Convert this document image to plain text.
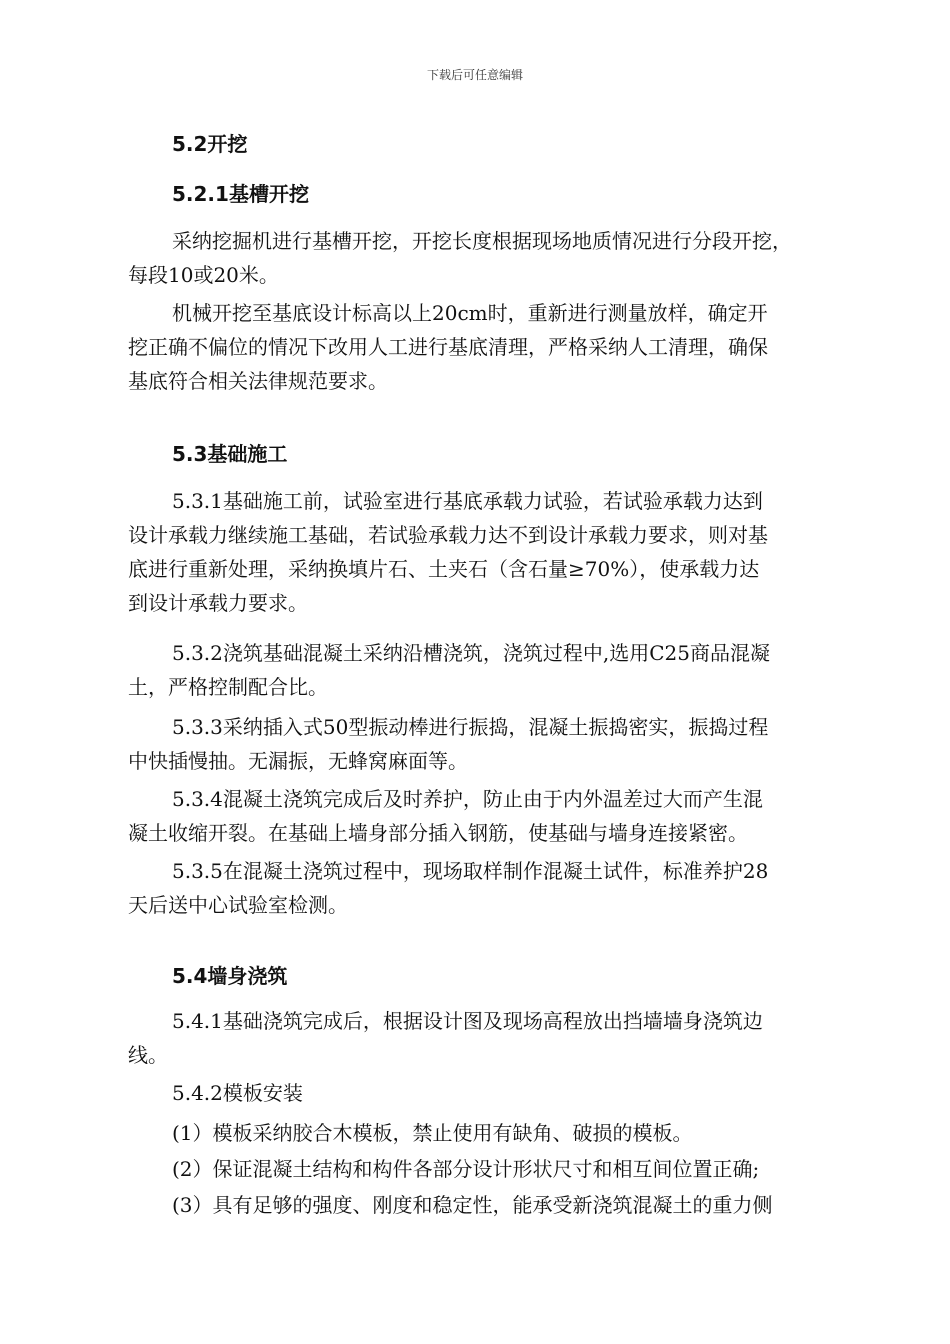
下载后可任意编辑
5.2开挖
5.2.1基槽开挖
采纳挖掘机进行基槽开挖，开挖长度根据现场地质情况进行分段开挖，
每段10或20米。
机械开挖至基底设计标高以上20cm时，重新进行测量放样，确定开
挖正确不偏位的情况下改用人工进行基底清理，严格采纳人工清理，确保
基底符合相关法律规范要求。
5.3基础施工
5.3.1基础施工前，试验室进行基底承载力试验，若试验承载力达到
设计承载力继续施工基础，若试验承载力达不到设计承载力要求，则对基
底进行重新处理，采纳换填片石、土夹石（含石量≥70%），使承载力达
到设计承载力要求。
5.3.2浇筑基础混凝土采纳沿槽浇筑，浇筑过程中,选用C25商品混凝
土，严格控制配合比。
5.3.3采纳插入式50型振动棒进行振捣，混凝土振捣密实，振捣过程
中快插慢抽。无漏振，无蜂窝麻面等。
5.3.4混凝土浇筑完成后及时养护，防止由于内外温差过大而产生混
凝土收缩开裂。在基础上墙身部分插入钢筋，使基础与墙身连接紧密。
5.3.5在混凝土浇筑过程中，现场取样制作混凝土试件，标准养护28
天后送中心试验室检测。
5.4墙身浇筑
5.4.1基础浇筑完成后，根据设计图及现场高程放出挡墙墙身浇筑边
线。
5.4.2模板安装
(1）模板采纳胶合木模板，禁止使用有缺角、破损的模板。
(2）保证混凝土结构和构件各部分设计形状尺寸和相互间位置正确;
(3）具有足够的强度、刚度和稳定性，能承受新浇筑混凝土的重力侧
